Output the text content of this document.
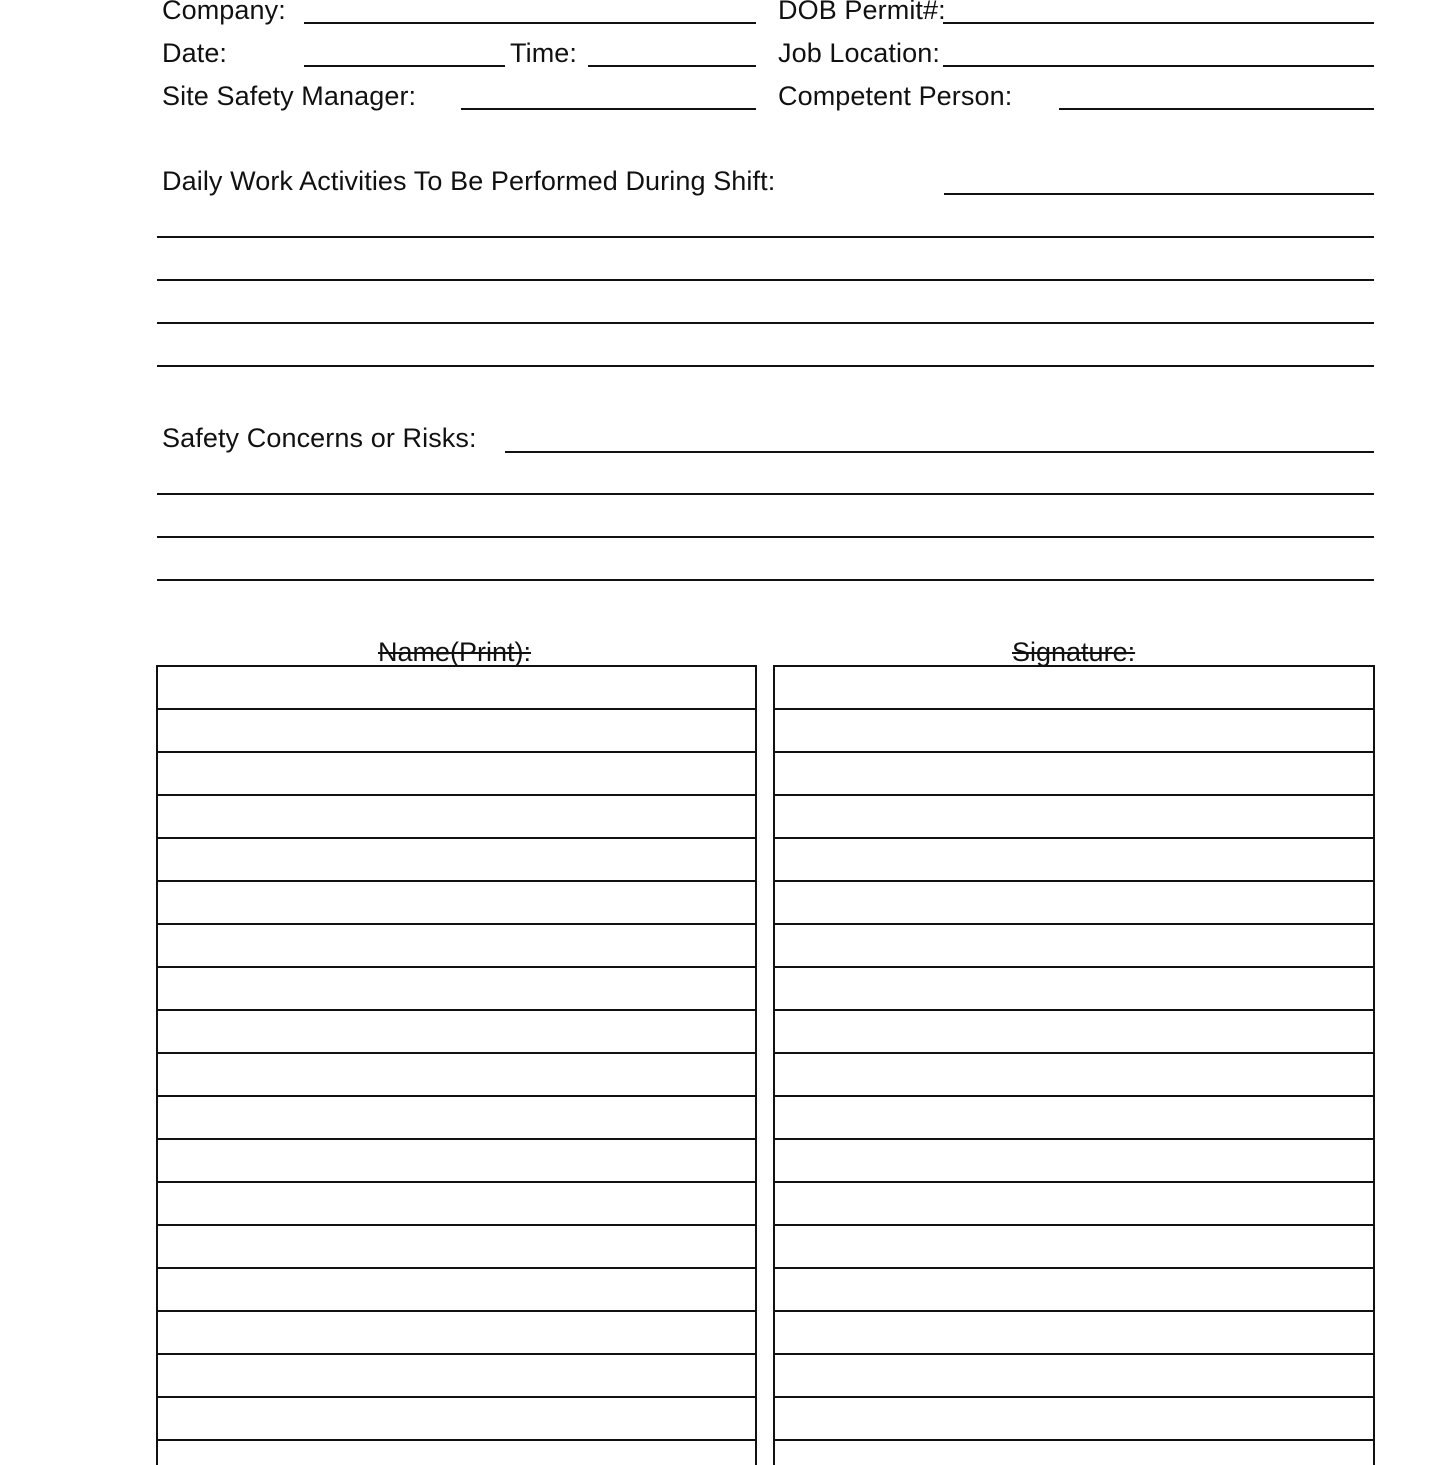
Company:	DOB Permit#:
Date:	Time:	Job Location:
Site Safety Manager:	Competent Person:
Daily Work Activities To Be Performed During Shift:
Safety Concerns or Risks:
Name(Print):	Signature:
